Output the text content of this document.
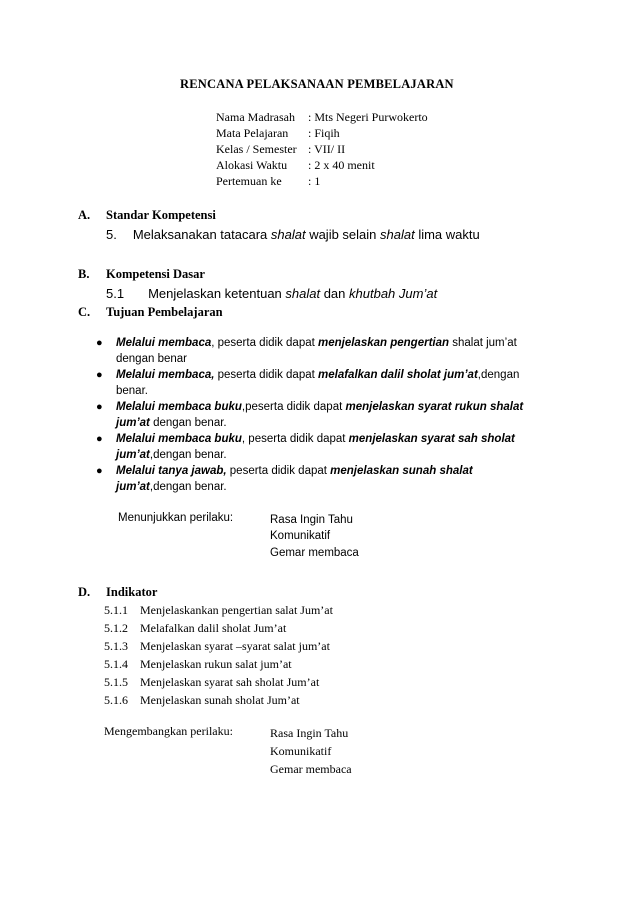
RENCANA PELAKSANAAN PEMBELAJARAN
Nama Madrasah : Mts Negeri Purwokerto
Mata Pelajaran : Fiqih
Kelas / Semester : VII/ II
Alokasi Waktu : 2 x 40 menit
Pertemuan ke : 1
A. Standar Kompetensi
5. Melaksanakan tatacara shalat wajib selain shalat lima waktu
B. Kompetensi Dasar
5.1 Menjelaskan ketentuan shalat dan khutbah Jum’at
C. Tujuan Pembelajaran
● Melalui membaca, peserta didik dapat menjelaskan pengertian shalat jum’at
dengan benar
● Melalui membaca, peserta didik dapat melafalkan dalil sholat jum’at,dengan
benar.
● Melalui membaca buku,peserta didik dapat menjelaskan syarat rukun shalat
jum’at dengan benar.
● Melalui membaca buku, peserta didik dapat menjelaskan syarat sah sholat
jum’at,dengan benar.
● Melalui tanya jawab, peserta didik dapat menjelaskan sunah shalat
jum’at,dengan benar.
Menunjukkan perilaku:	Rasa Ingin Tahu
Komunikatif
Gemar membaca
D. Indikator
5.1.1 Menjelaskankan pengertian salat Jum’at
5.1.2 Melafalkan dalil sholat Jum’at
5.1.3 Menjelaskan syarat –syarat salat jum’at
5.1.4 Menjelaskan rukun salat jum’at
5.1.5 Menjelaskan syarat sah sholat Jum’at
5.1.6 Menjelaskan sunah sholat Jum’at
Mengembangkan perilaku:	Rasa Ingin Tahu
Komunikatif
Gemar membaca
